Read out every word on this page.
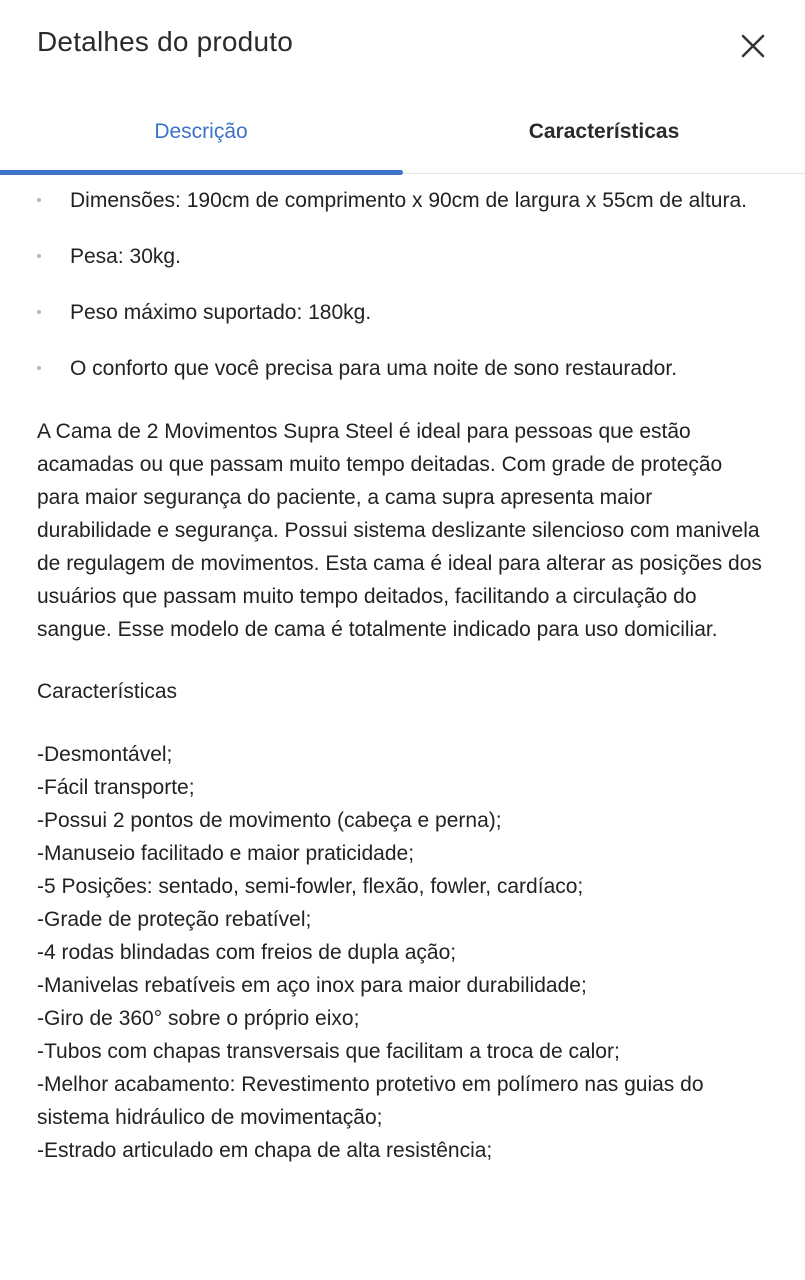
Detalhes do produto
Descrição	Características
Dimensões: 190cm de comprimento x 90cm de largura x 55cm de altura.
Pesa: 30kg.
Peso máximo suportado: 180kg.
O conforto que você precisa para uma noite de sono restaurador.

A Cama de 2 Movimentos Supra Steel é ideal para pessoas que estão acamadas ou que passam muito tempo deitadas. Com grade de proteção para maior segurança do paciente, a cama supra apresenta maior durabilidade e segurança. Possui sistema deslizante silencioso com manivela de regulagem de movimentos. Esta cama é ideal para alterar as posições dos usuários que passam muito tempo deitados, facilitando a circulação do sangue. Esse modelo de cama é totalmente indicado para uso domiciliar.

Características

-Desmontável;
-Fácil transporte;
-Possui 2 pontos de movimento (cabeça e perna);
-Manuseio facilitado e maior praticidade;
-5 Posições: sentado, semi-fowler, flexão, fowler, cardíaco;
-Grade de proteção rebatível;
-4 rodas blindadas com freios de dupla ação;
-Manivelas rebatíveis em aço inox para maior durabilidade;
-Giro de 360° sobre o próprio eixo;
-Tubos com chapas transversais que facilitam a troca de calor;
-Melhor acabamento: Revestimento protetivo em polímero nas guias do sistema hidráulico de movimentação;
-Estrado articulado em chapa de alta resistência;
